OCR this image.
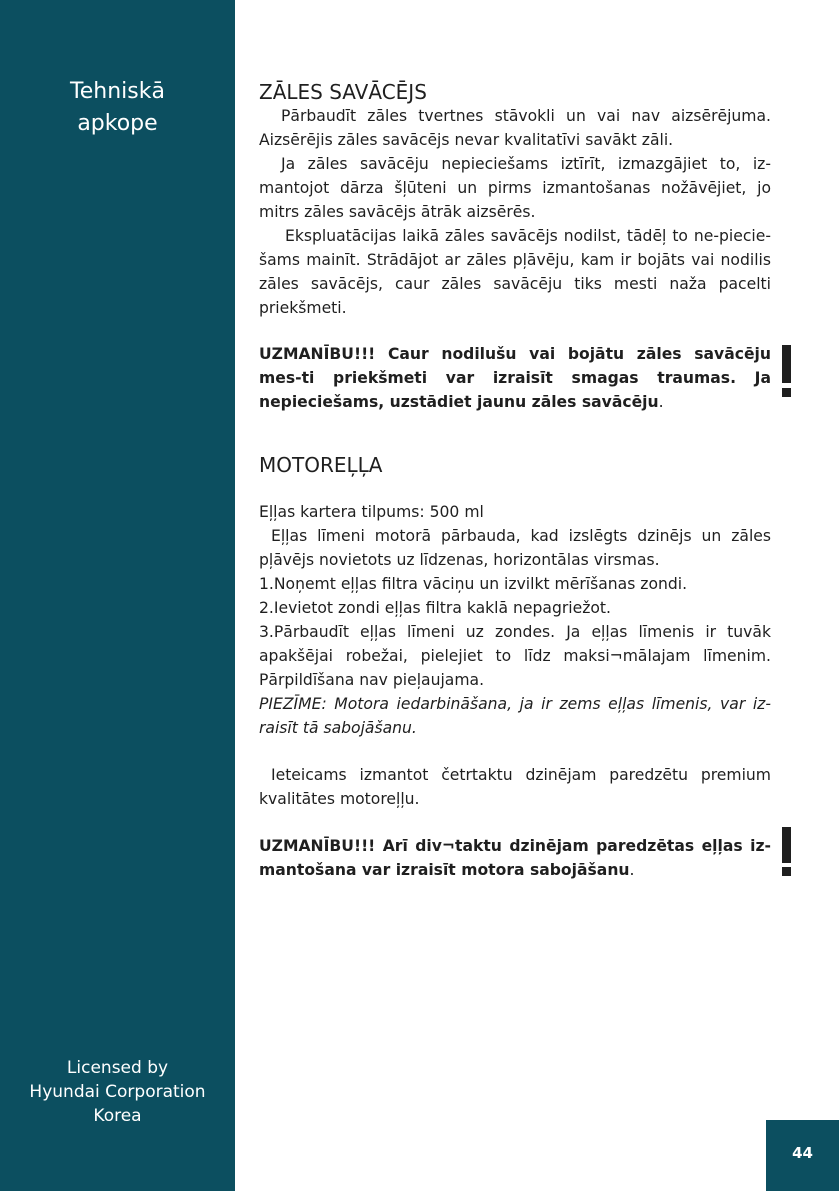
Tehniskā
apkope
Licensed by
Hyundai Corporation
Korea
ZĀLES SAVĀCĒJS

Pārbaudīt zāles tvertnes stāvokli un vai nav aizsērējuma. Aizsērējis zāles savācējs nevar kvalitatīvi savākt zāli.

Ja zāles savācēju nepieciešams iztīrīt, izmazgājiet to, iz-mantojot dārza šļūteni un pirms izmantošanas nožāvējiet, jo mitrs zāles savācējs ātrāk aizsērēs.

Ekspluatācijas laikā zāles savācējs nodilst, tādēļ to ne-pieciešams mainīt. Strādājot ar zāles pļāvēju, kam ir bojāts vai nodilis zāles savācējs, caur zāles savācēju tiks mesti naža pacelti priekšmeti.

UZMANĪBU!!! Caur nodilušu vai bojātu zāles savācēju mes-ti priekšmeti var izraisīt smagas traumas. Ja nepieciešams, uzstādiet jaunu zāles savācēju.

MOTOREĻĻA

Eļļas kartera tilpums: 500 ml

Eļļas līmeni motorā pārbauda, kad izslēgts dzinējs un zāles pļāvējs novietots uz līdzenas, horizontālas virsmas.

1.Noņemt eļļas filtra vāciņu un izvilkt mērīšanas zondi.

2.Ievietot zondi eļļas filtra kaklā nepagriežot.

3.Pārbaudīt eļļas līmeni uz zondes. Ja eļļas līmenis ir tuvāk apakšējai robežai, pielejiet to līdz maksi¬mālajam līmenim. Pārpildīšana nav pieļaujama.

PIEZĪME: Motora iedarbināšana, ja ir zems eļļas līmenis, var iz-raisīt tā sabojāšanu.

Ieteicams izmantot četrtaktu dzinējam paredzētu premium kvalitātes motoreļļu.

UZMANĪBU!!! Arī div¬taktu dzinējam paredzētas eļļas iz-mantošana var izraisīt motora sabojāšanu.

44
